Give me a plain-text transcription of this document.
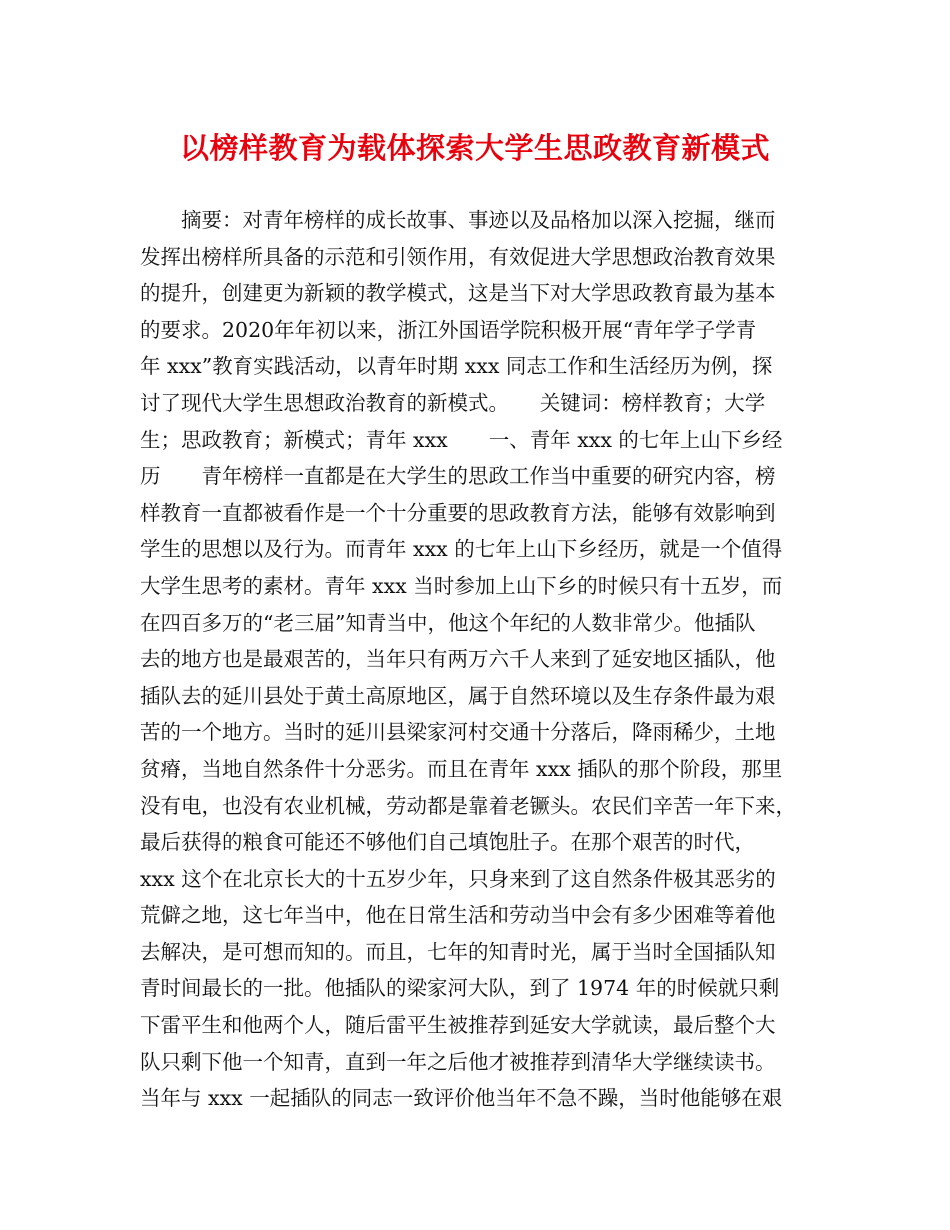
以榜样教育为载体探索大学生思政教育新模式
摘要：对青年榜样的成长故事、事迹以及品格加以深入挖掘，继而
发挥出榜样所具备的示范和引领作用，有效促进大学思想政治教育效果
的提升，创建更为新颖的教学模式，这是当下对大学思政教育最为基本
的要求。2020年年初以来，浙江外国语学院积极开展“青年学子学青
年 xxx”教育实践活动，以青年时期 xxx 同志工作和生活经历为例，探
讨了现代大学生思想政治教育的新模式。　　关键词：榜样教育；大学
生；思政教育；新模式；青年 xxx　　一、青年 xxx 的七年上山下乡经
历　　青年榜样一直都是在大学生的思政工作当中重要的研究内容，榜
样教育一直都被看作是一个十分重要的思政教育方法，能够有效影响到
学生的思想以及行为。而青年 xxx 的七年上山下乡经历，就是一个值得
大学生思考的素材。青年 xxx 当时参加上山下乡的时候只有十五岁，而
在四百多万的“老三届”知青当中，他这个年纪的人数非常少。他插队
去的地方也是最艰苦的，当年只有两万六千人来到了延安地区插队，他
插队去的延川县处于黄土高原地区，属于自然环境以及生存条件最为艰
苦的一个地方。当时的延川县梁家河村交通十分落后，降雨稀少，土地
贫瘠，当地自然条件十分恶劣。而且在青年 xxx 插队的那个阶段，那里
没有电，也没有农业机械，劳动都是靠着老镢头。农民们辛苦一年下来，
最后获得的粮食可能还不够他们自己填饱肚子。在那个艰苦的时代，
xxx 这个在北京长大的十五岁少年，只身来到了这自然条件极其恶劣的
荒僻之地，这七年当中，他在日常生活和劳动当中会有多少困难等着他
去解决，是可想而知的。而且，七年的知青时光，属于当时全国插队知
青时间最长的一批。他插队的梁家河大队，到了 1974 年的时候就只剩
下雷平生和他两个人，随后雷平生被推荐到延安大学就读，最后整个大
队只剩下他一个知青，直到一年之后他才被推荐到清华大学继续读书。
当年与 xxx 一起插队的同志一致评价他当年不急不躁，当时他能够在艰
